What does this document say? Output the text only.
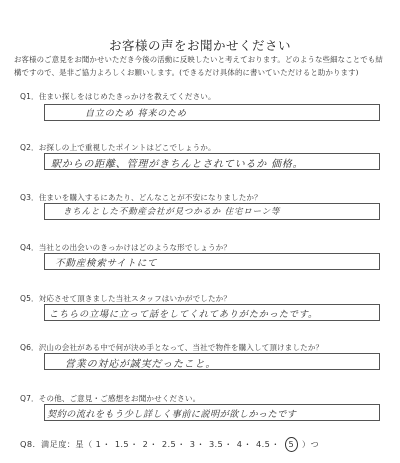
お客様の声をお聞かせください
お客様のご意見をお聞かせいただき今後の活動に反映したいと考えております。どのような些細なことでも結
構ですので、是非ご協力よろしくお願いします。(できるだけ具体的に書いていただけると助かります)
Q1．住まい探しをはじめたきっかけを教えてください。
自立のため 将来のため
Q2．お探しの上で重視したポイントはどこでしょうか。
駅からの距離、管理がきちんとされているか 価格。
Q3．住まいを購入するにあたり、どんなことが不安になりましたか？
きちんとした不動産会社が見つかるか 住宅ローン等
Q4．当社との出会いのきっかけはどのような形でしょうか？
不動産検索サイトにて
Q5．対応させて頂きました当社スタッフはいかがでしたか？
こちらの立場に立って話をしてくれてありがたかったです。
Q6．沢山の会社がある中で何が決め手となって、当社で物件を購入して頂けましたか？
営業の対応が誠実だったこと。
Q7．その他、ご意見・ご感想をお聞かせください。
契約の流れをもう少し詳しく事前に説明が欲しかったです
Q8．満足度：星（ 1・ 1.5・ 2・ 2.5・ 3・ 3.5・ 4・ 4.5・ 5 ）つ
